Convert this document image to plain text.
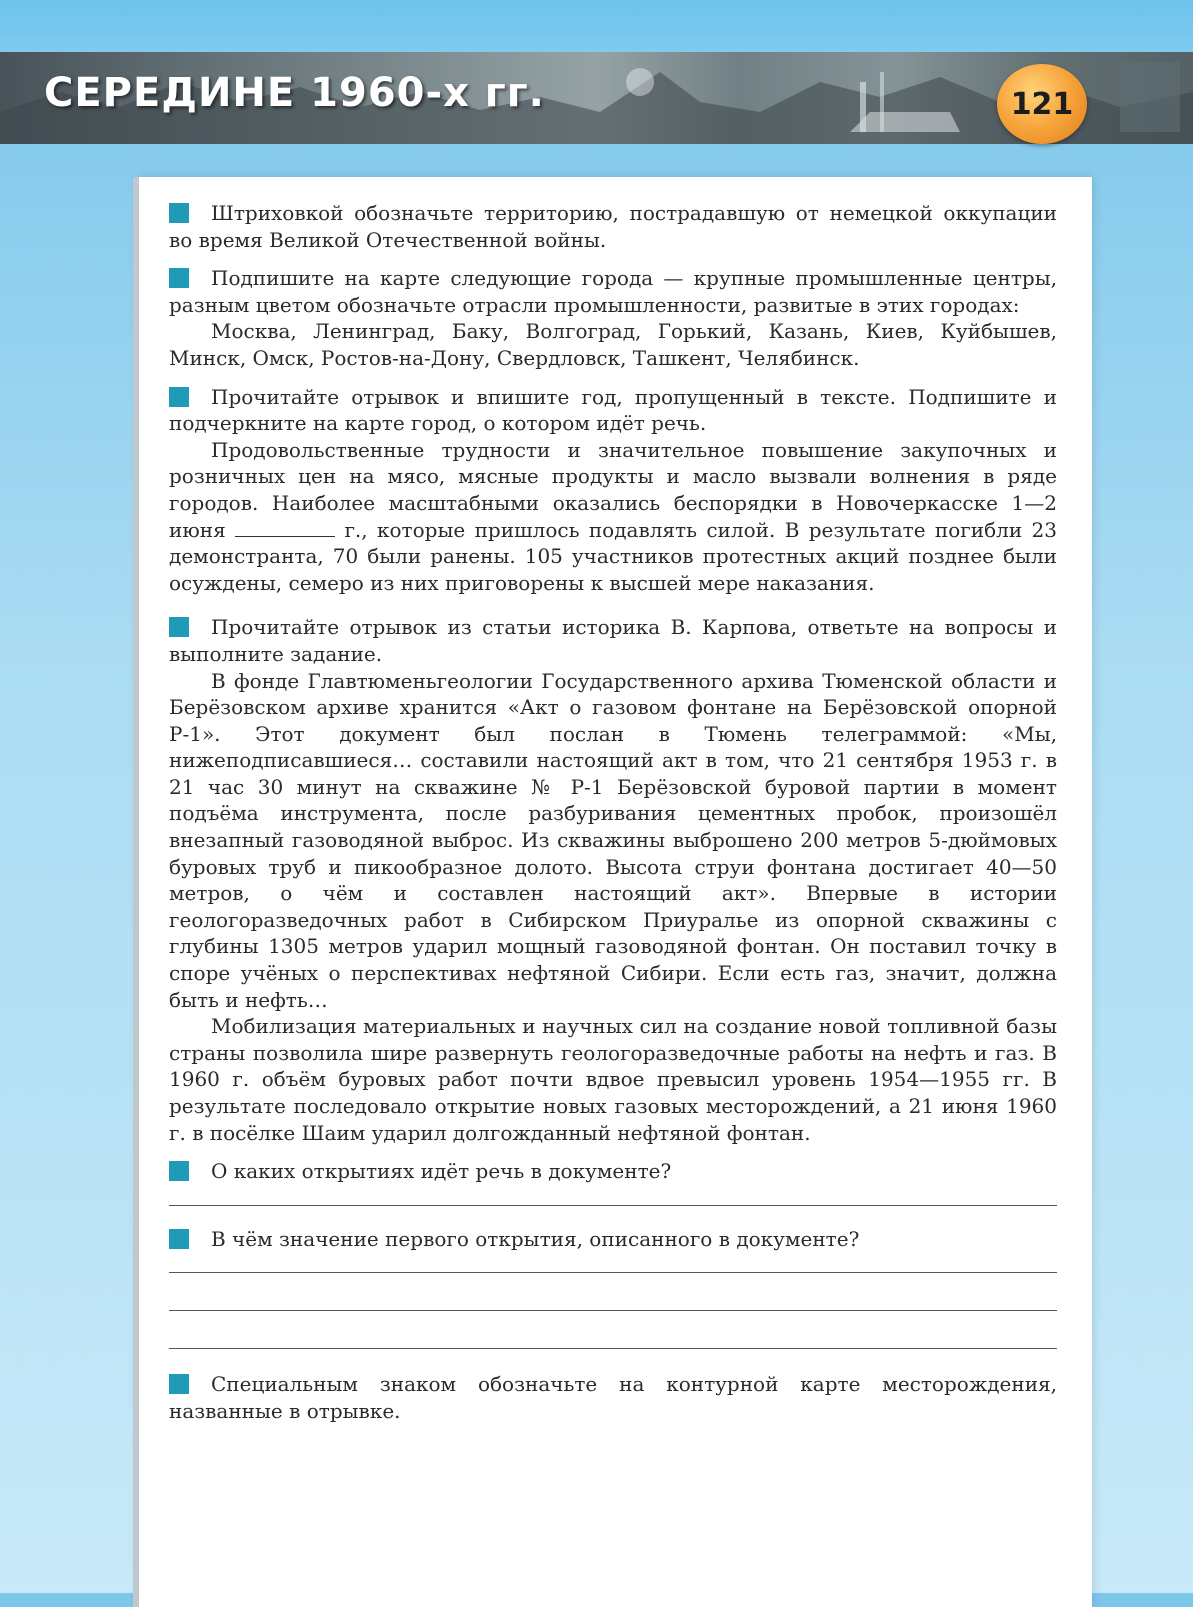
СЕРЕДИНЕ 1960-х гг.	121

Штриховкой обозначьте территорию, пострадавшую от немецкой оккупации во время Великой Отечественной войны.

Подпишите на карте следующие города — крупные промышленные центры, разным цветом обозначьте отрасли промышленности, развитые в этих городах:

Москва, Ленинград, Баку, Волгоград, Горький, Казань, Киев, Куйбышев, Минск, Омск, Ростов-на-Дону, Свердловск, Ташкент, Челябинск.

Прочитайте отрывок и впишите год, пропущенный в тексте. Подпишите и подчеркните на карте город, о котором идёт речь.

Продовольственные трудности и значительное повышение закупочных и розничных цен на мясо, мясные продукты и масло вызвали волнения в ряде городов. Наиболее масштабными оказались беспорядки в Новочеркасске 1—2 июня	г., которые пришлось подавлять силой. В результате погибли 23 демонстранта, 70 были ранены. 105 участников протестных акций позднее были осуждены, семеро из них приговорены к высшей мере наказания.

Прочитайте отрывок из статьи историка В. Карпова, ответьте на вопросы и выполните задание.

В фонде Главтюменьгеологии Государственного архива Тюменской области и Берёзовском архиве хранится «Акт о газовом фонтане на Берёзовской опорной Р-1». Этот документ был послан в Тюмень телеграммой: «Мы, нижеподписавшиеся… составили настоящий акт в том, что 21 сентября 1953 г. в 21 час 30 минут на скважине № Р-1 Берёзовской буровой партии в момент подъёма инструмента, после разбуривания цементных пробок, произошёл внезапный газоводяной выброс. Из скважины выброшено 200 метров 5-дюймовых буровых труб и пикообразное долото. Высота струи фонтана достигает 40—50 метров, о чём и составлен настоящий акт». Впервые в истории геологоразведочных работ в Сибирском Приуралье из опорной скважины с глубины 1305 метров ударил мощный газоводяной фонтан. Он поставил точку в споре учёных о перспективах нефтяной Сибири. Если есть газ, значит, должна быть и нефть…

Мобилизация материальных и научных сил на создание новой топливной базы страны позволила шире развернуть геологоразведочные работы на нефть и газ. В 1960 г. объём буровых работ почти вдвое превысил уровень 1954—1955 гг. В результате последовало открытие новых газовых месторождений, а 21 июня 1960 г. в посёлке Шаим ударил долгожданный нефтяной фонтан.

О каких открытиях идёт речь в документе?

В чём значение первого открытия, описанного в документе?

Специальным знаком обозначьте на контурной карте месторождения, названные в отрывке.
